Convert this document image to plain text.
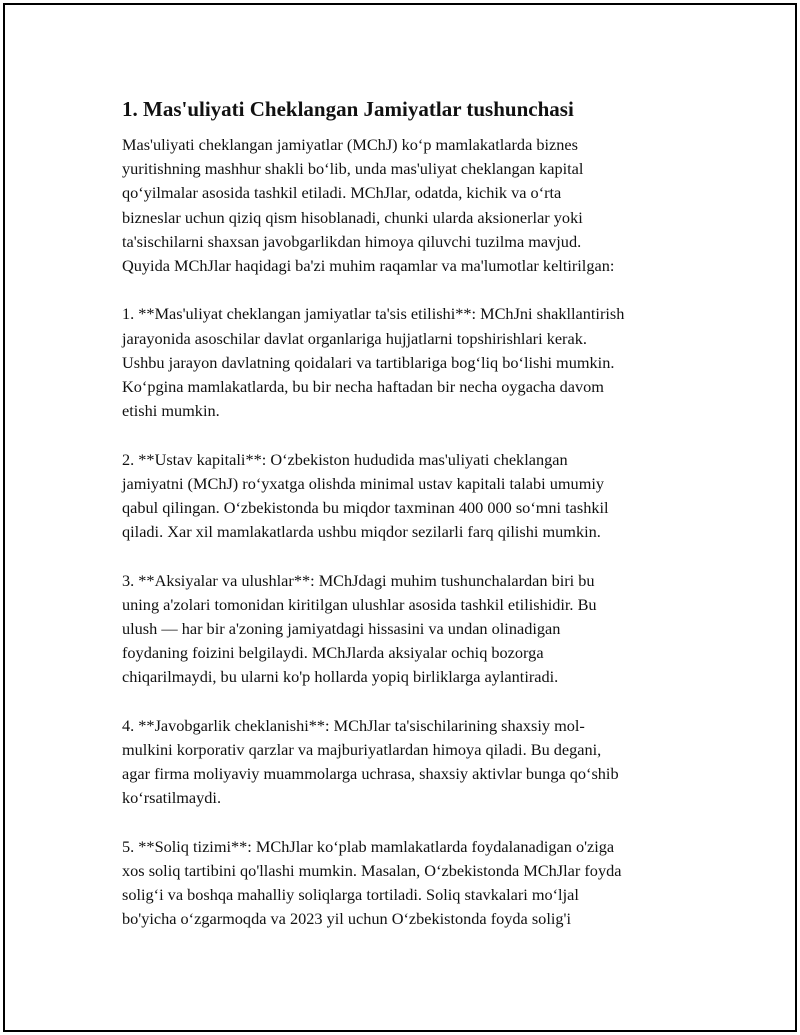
1. Mas'uliyati Cheklangan Jamiyatlar tushunchasi
Mas'uliyati cheklangan jamiyatlar (MChJ) koʻp mamlakatlarda biznes
yuritishning mashhur shakli boʻlib, unda mas'uliyat cheklangan kapital
qoʻyilmalar asosida tashkil etiladi. MChJlar, odatda, kichik va oʻrta
bizneslar uchun qiziq qism hisoblanadi, chunki ularda aksionerlar yoki
ta'sischilarni shaxsan javobgarlikdan himoya qiluvchi tuzilma mavjud.
Quyida MChJlar haqidagi ba'zi muhim raqamlar va ma'lumotlar keltirilgan:
1. **Mas'uliyat cheklangan jamiyatlar ta'sis etilishi**: MChJni shakllantirish
jarayonida asoschilar davlat organlariga hujjatlarni topshirishlari kerak.
Ushbu jarayon davlatning qoidalari va tartiblariga bogʻliq boʻlishi mumkin.
Koʻpgina mamlakatlarda, bu bir necha haftadan bir necha oygacha davom
etishi mumkin.
2. **Ustav kapitali**: Oʻzbekiston hududida mas'uliyati cheklangan
jamiyatni (MChJ) roʻyxatga olishda minimal ustav kapitali talabi umumiy
qabul qilingan. Oʻzbekistonda bu miqdor taxminan 400 000 soʻmni tashkil
qiladi. Xar xil mamlakatlarda ushbu miqdor sezilarli farq qilishi mumkin.
3. **Aksiyalar va ulushlar**: MChJdagi muhim tushunchalardan biri bu
uning a'zolari tomonidan kiritilgan ulushlar asosida tashkil etilishidir. Bu
ulush — har bir a'zoning jamiyatdagi hissasini va undan olinadigan
foydaning foizini belgilaydi. MChJlarda aksiyalar ochiq bozorga
chiqarilmaydi, bu ularni ko'p hollarda yopiq birliklarga aylantiradi.
4. **Javobgarlik cheklanishi**: MChJlar ta'sischilarining shaxsiy mol-
mulkini korporativ qarzlar va majburiyatlardan himoya qiladi. Bu degani,
agar firma moliyaviy muammolarga uchrasa, shaxsiy aktivlar bunga qoʻshib
koʻrsatilmaydi.
5. **Soliq tizimi**: MChJlar koʻplab mamlakatlarda foydalanadigan o'ziga
xos soliq tartibini qo'llashi mumkin. Masalan, Oʻzbekistonda MChJlar foyda
soligʻi va boshqa mahalliy soliqlarga tortiladi. Soliq stavkalari moʻljal
bo'yicha oʻzgarmoqda va 2023 yil uchun Oʻzbekistonda foyda solig'i
